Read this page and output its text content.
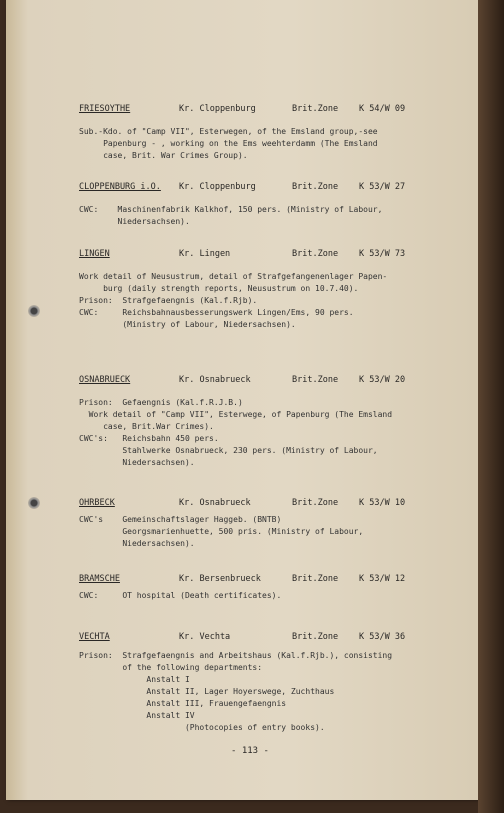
FRIESOYTHE	Kr. Cloppenburg	Brit.Zone K 54/W 09
Sub.-Kdo. of "Camp VII", Esterwegen, of the Emsland group,-see
Papenburg - , working on the Ems weehterdamm (The Emsland
case, Brit. War Crimes Group).
CLOPPENBURG i.O. Kr. Cloppenburg	Brit.Zone K 53/W 27
CWC:    Maschinenfabrik Kalkhof, 150 pers. (Ministry of Labour,
Niedersachsen).
LINGEN	Kr. Lingen	Brit.Zone K 53/W 73
Work detail of Neusustrum, detail of Strafgefangenenlager Papen-
burg (daily strength reports, Neusustrum on 10.7.40).
Prison:  Strafgefaengnis (Kal.f.Rjb).
CWC:     Reichsbahnausbesserungswerk Lingen/Ems, 90 pers.
(Ministry of Labour, Niedersachsen).
OSNABRUECK	Kr. Osnabrueck	Brit.Zone K 53/W 20
Prison:  Gefaengnis (Kal.f.R.J.B.)
Work detail of "Camp VII", Esterwege, of Papenburg (The Emsland
case, Brit.War Crimes).
CWC's:   Reichsbahn 450 pers.
Stahlwerke Osnabrueck, 230 pers. (Ministry of Labour,
Niedersachsen).
OHRBECK	Kr. Osnabrueck	Brit.Zone K 53/W 10
CWC's    Gemeinschaftslager Haggeb. (BNTB)
Georgsmarienhuette, 500 pris. (Ministry of Labour,
Niedersachsen).
BRAMSCHE	Kr. Bersenbrueck	Brit.Zone K 53/W 12
CWC:     OT hospital (Death certificates).
VECHTA	Kr. Vechta	Brit.Zone K 53/W 36
Prison:  Strafgefaengnis and Arbeitshaus (Kal.f.Rjb.), consisting
of the following departments:
Anstalt I
Anstalt II, Lager Hoyerswege, Zuchthaus
Anstalt III, Frauengefaengnis
Anstalt IV
(Photocopies of entry books).
- 113 -
